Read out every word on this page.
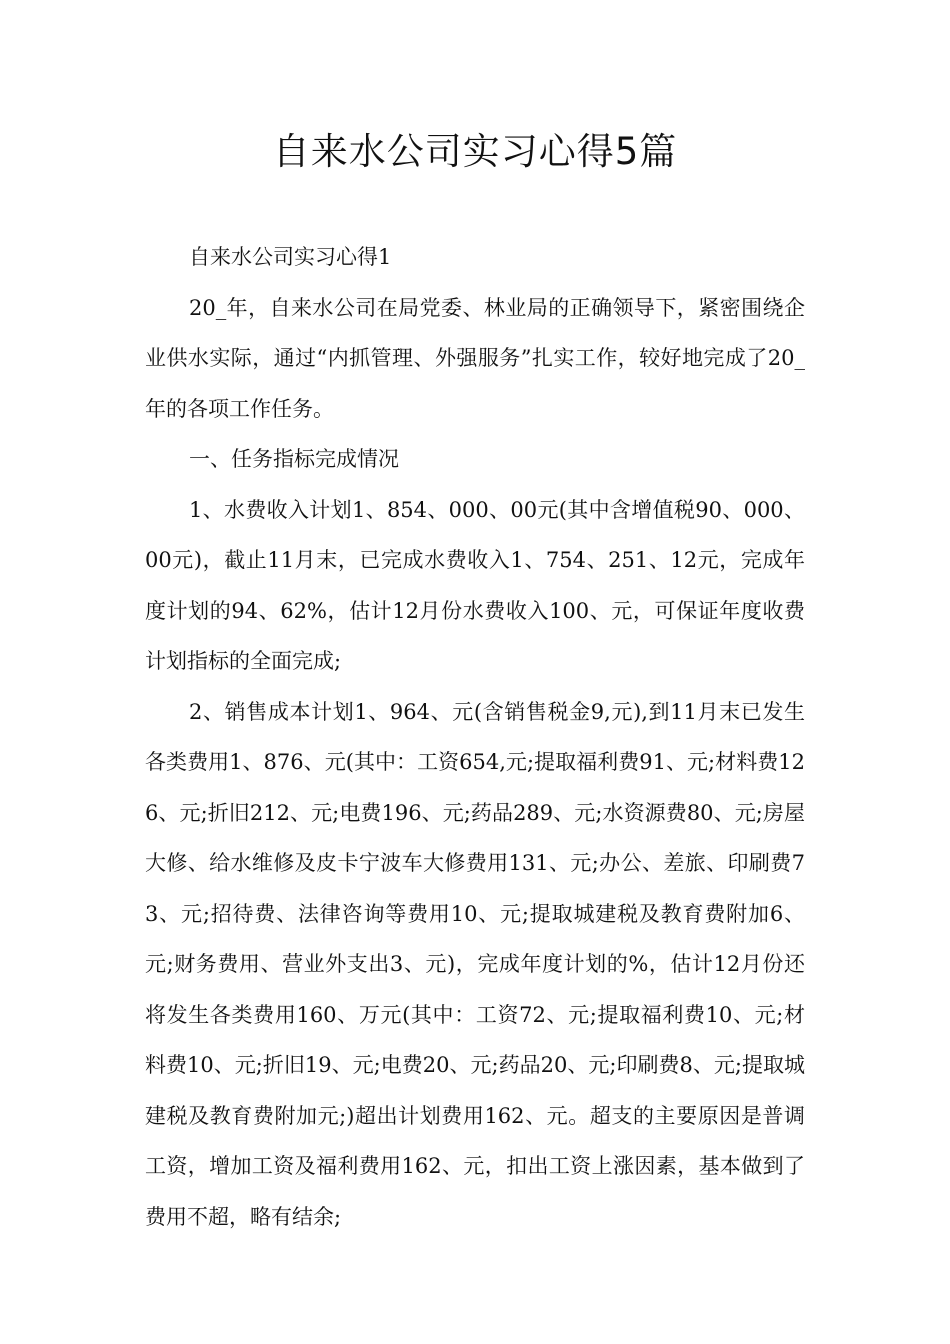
自来水公司实习心得5篇

自来水公司实习心得1

20_年，自来水公司在局党委、林业局的正确领导下，紧密围绕企业供水实际，通过“内抓管理、外强服务”扎实工作，较好地完成了20_年的各项工作任务。

一、任务指标完成情况

1、水费收入计划1、854、000、00元(其中含增值税90、000、00元)，截止11月末，已完成水费收入1、754、251、12元，完成年度计划的94、62%，估计12月份水费收入100、元，可保证年度收费计划指标的全面完成;

2、销售成本计划1、964、元(含销售税金9,元),到11月末已发生各类费用1、876、元(其中：工资654,元;提取福利费91、元;材料费126、元;折旧212、元;电费196、元;药品289、元;水资源费80、元;房屋大修、给水维修及皮卡宁波车大修费用131、元;办公、差旅、印刷费73、元;招待费、法律咨询等费用10、元;提取城建税及教育费附加6、元;财务费用、营业外支出3、元)，完成年度计划的%，估计12月份还将发生各类费用160、万元(其中：工资72、元;提取福利费10、元;材料费10、元;折旧19、元;电费20、元;药品20、元;印刷费8、元;提取城建税及教育费附加元;)超出计划费用162、元。超支的主要原因是普调工资，增加工资及福利费用162、元，扣出工资上涨因素，基本做到了费用不超，略有结余;
